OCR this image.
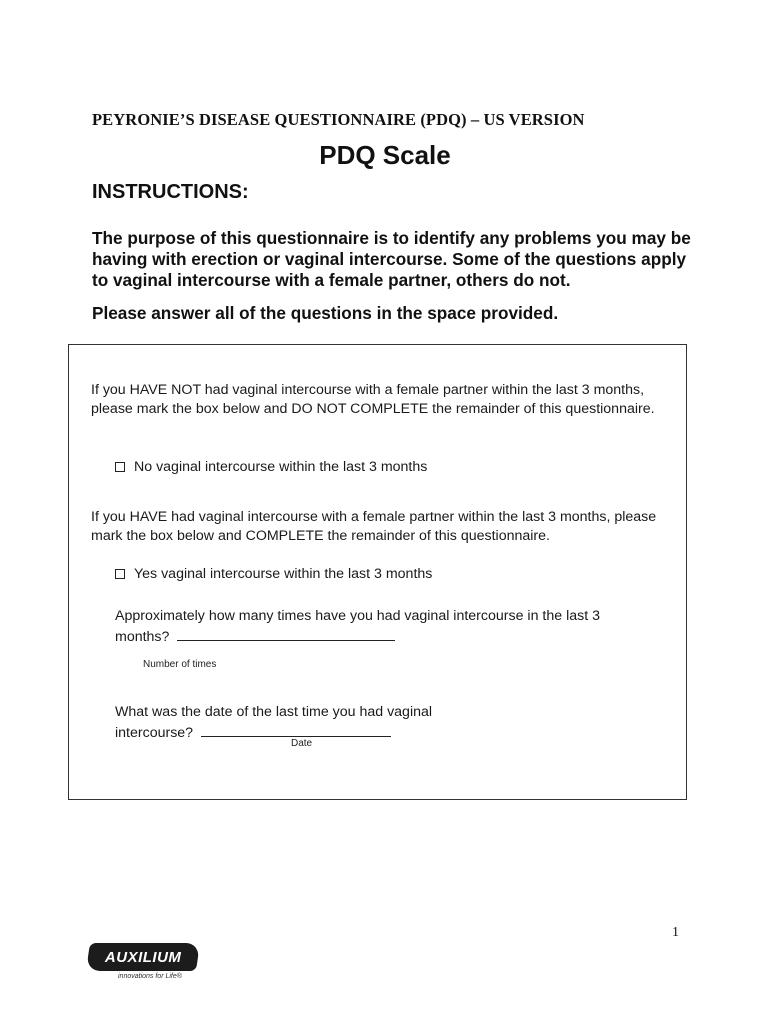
PEYRONIE’S DISEASE QUESTIONNAIRE (PDQ) – US VERSION
PDQ Scale
INSTRUCTIONS:

The purpose of this questionnaire is to identify any problems you may be having with erection or vaginal intercourse. Some of the questions apply to vaginal intercourse with a female partner, others do not.

Please answer all of the questions in the space provided.

If you HAVE NOT had vaginal intercourse with a female partner within the last 3 months, please mark the box below and DO NOT COMPLETE the remainder of this questionnaire.
No vaginal intercourse within the last 3 months
If you HAVE had vaginal intercourse with a female partner within the last 3 months, please mark the box below and COMPLETE the remainder of this questionnaire.
Yes vaginal intercourse within the last 3 months
Approximately how many times have you had vaginal intercourse in the last 3
months?
Number of times
What was the date of the last time you had vaginal
intercourse?
Date
1
AUXILIUM
innovations for Life®
